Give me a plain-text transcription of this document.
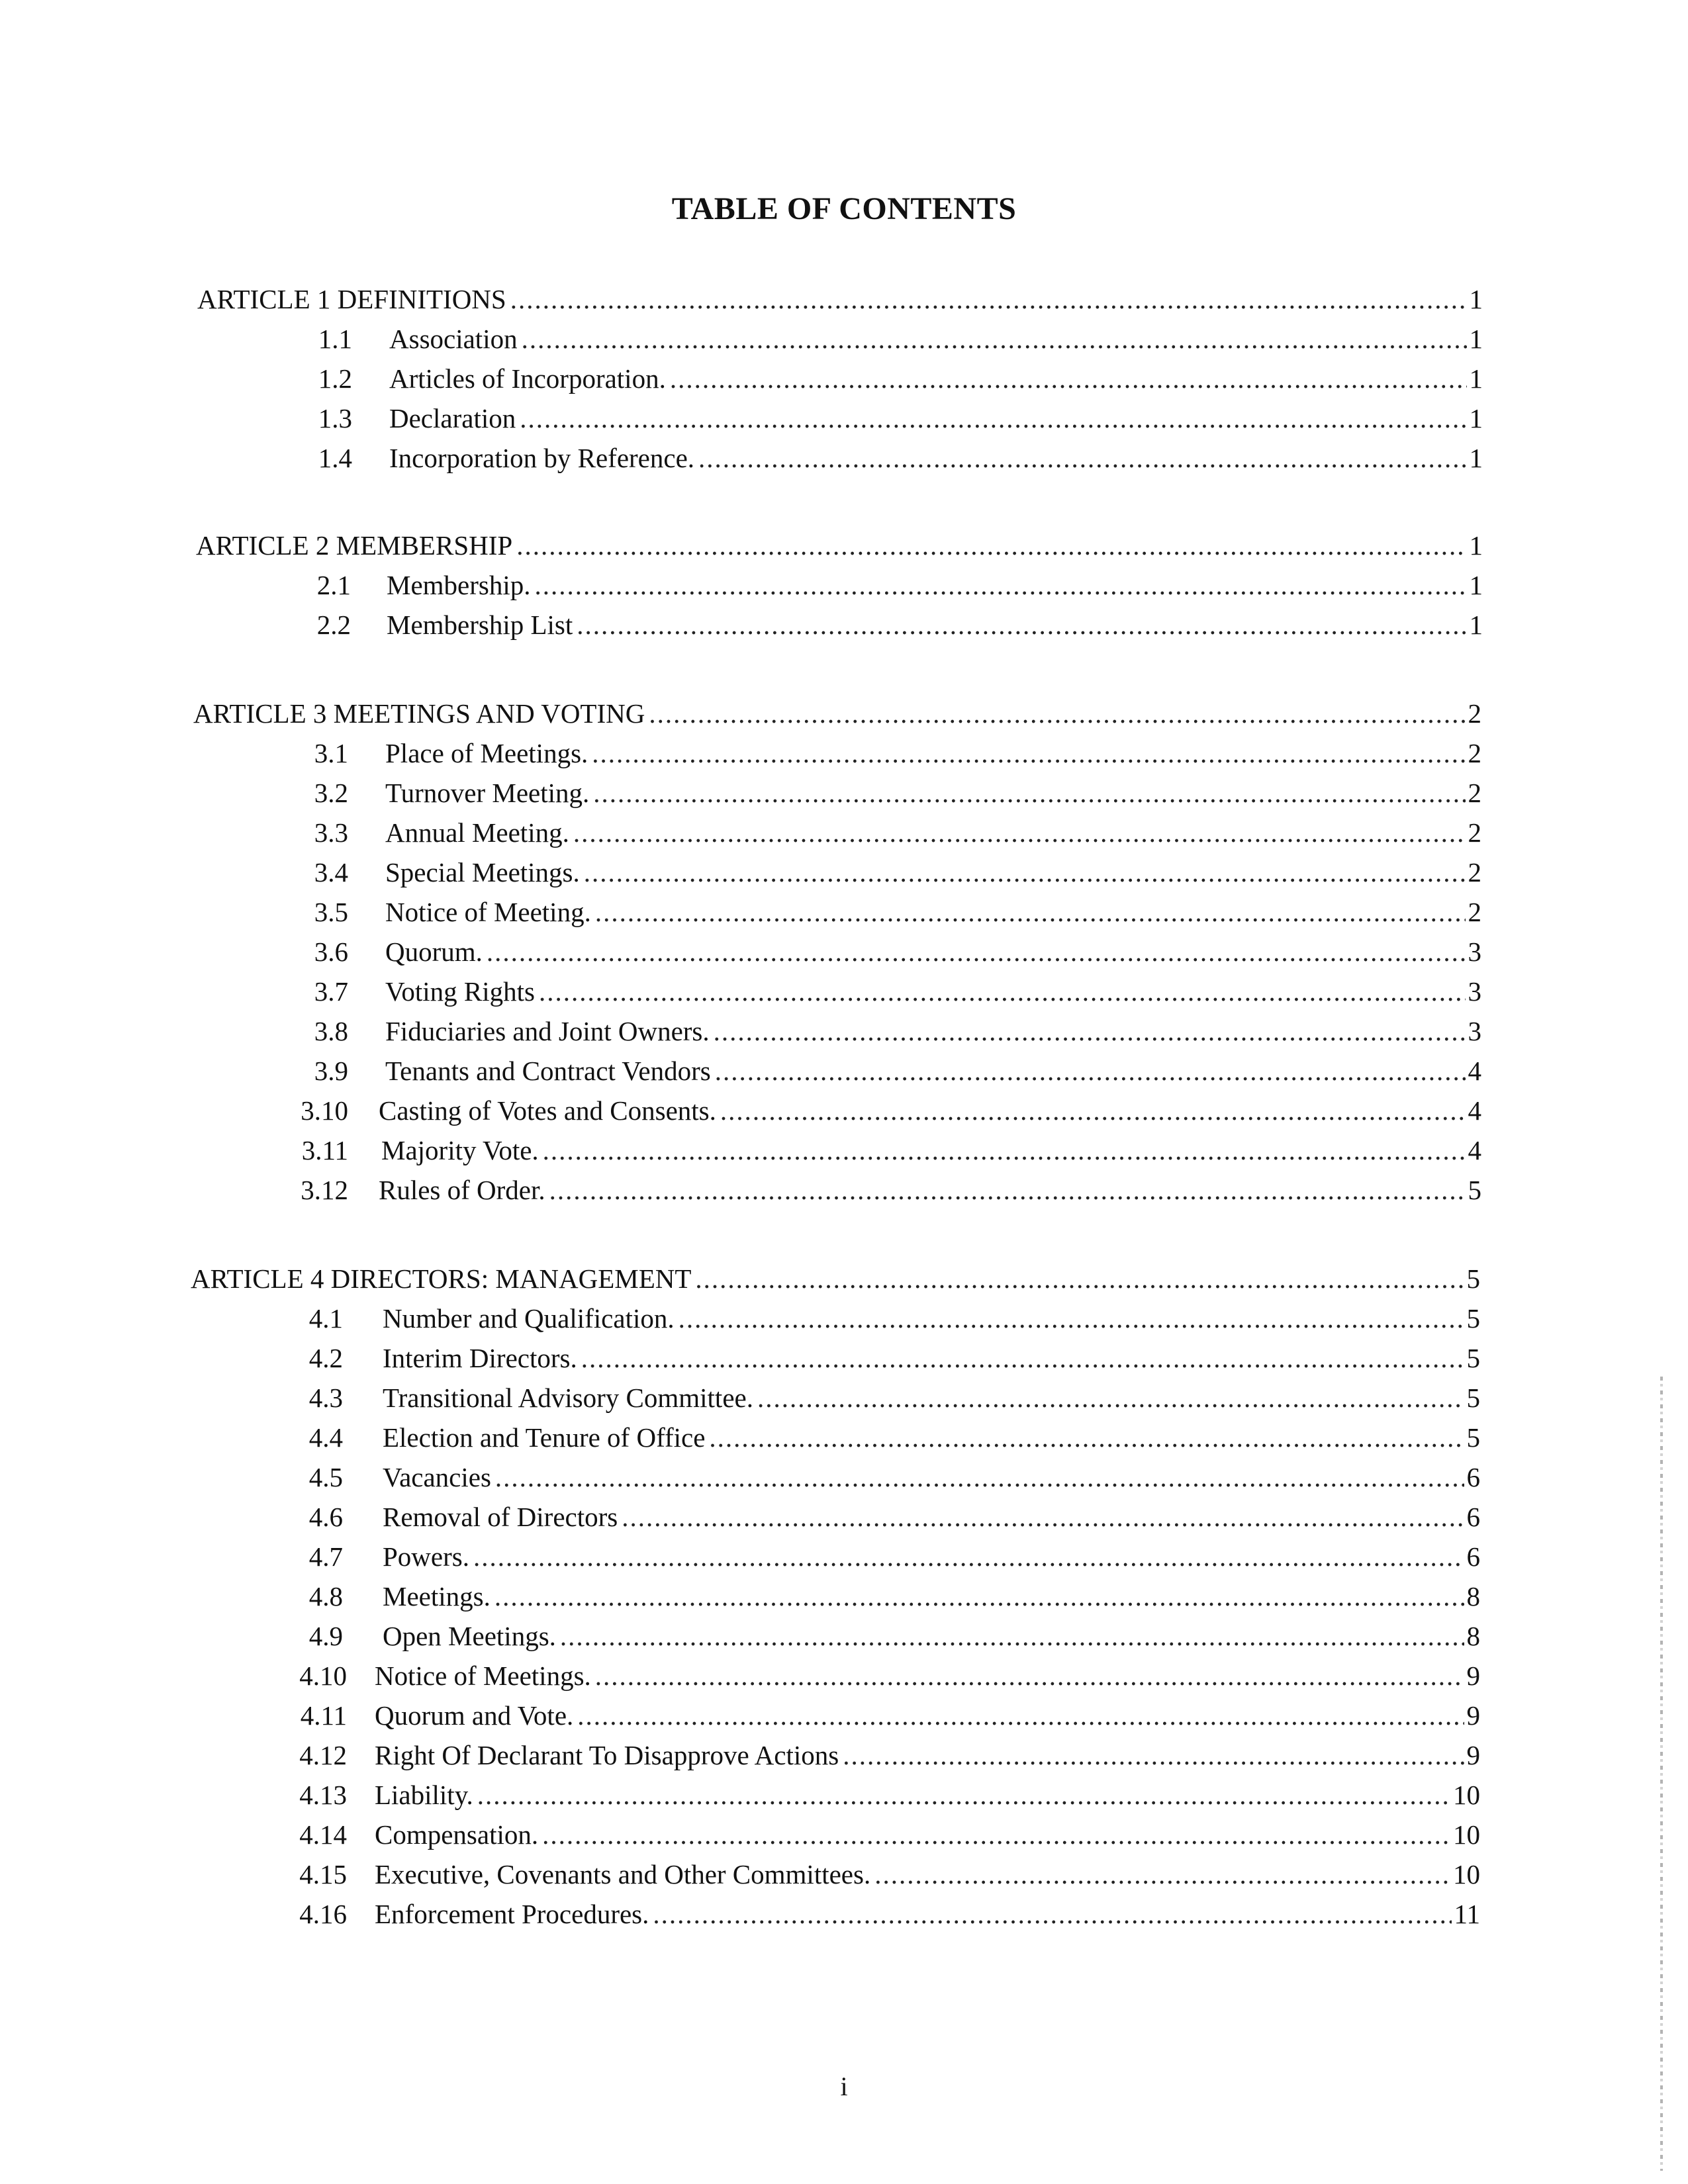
TABLE OF CONTENTS
ARTICLE 1 DEFINITIONS .....	1
1.1 Association .....	1
1.2 Articles of Incorporation. .....	1
1.3 Declaration .....	1
1.4 Incorporation by Reference. .....	1
ARTICLE 2 MEMBERSHIP .....	1
2.1 Membership. .....	1
2.2 Membership List .....	1
ARTICLE 3 MEETINGS AND VOTING .....	2
3.1 Place of Meetings. .....	2
3.2 Turnover Meeting. .....	2
3.3 Annual Meeting. .....	2
3.4 Special Meetings. .....	2
3.5 Notice of Meeting. .....	2
3.6 Quorum. .....	3
3.7 Voting Rights .....	3
3.8 Fiduciaries and Joint Owners. .....	3
3.9 Tenants and Contract Vendors .....	4
3.10 Casting of Votes and Consents. .....	4
3.11 Majority Vote. .....	4
3.12 Rules of Order. .....	5
ARTICLE 4 DIRECTORS: MANAGEMENT .....	5
4.1 Number and Qualification. .....	5
4.2 Interim Directors. .....	5
4.3 Transitional Advisory Committee. .....	5
4.4 Election and Tenure of Office .....	5
4.5 Vacancies .....	6
4.6 Removal of Directors .....	6
4.7 Powers. .....	6
4.8 Meetings. .....	8
4.9 Open Meetings. .....	8
4.10 Notice of Meetings. .....	9
4.11 Quorum and Vote. .....	9
4.12 Right Of Declarant To Disapprove Actions .....	9
4.13 Liability. .....	10
4.14 Compensation. .....	10
4.15 Executive, Covenants and Other Committees. .....	10
4.16 Enforcement Procedures. .....	11
i
